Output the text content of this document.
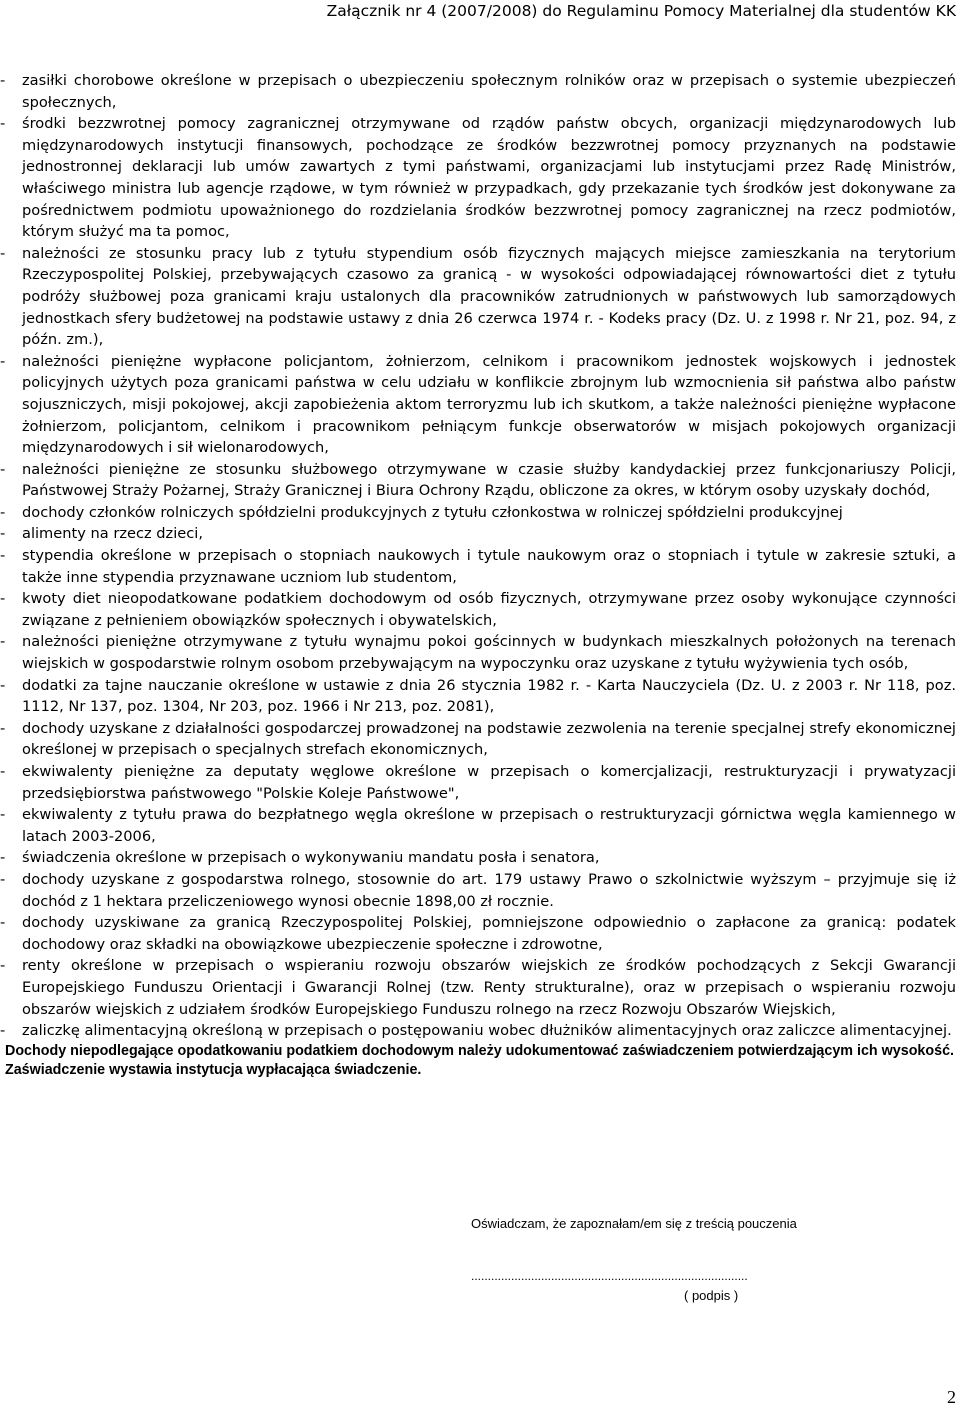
Załącznik nr 4 (2007/2008) do Regulaminu Pomocy Materialnej dla studentów KK

- zasiłki chorobowe określone w przepisach o ubezpieczeniu społecznym rolników oraz w przepisach o systemie ubezpieczeń społecznych,

- środki bezzwrotnej pomocy zagranicznej otrzymywane od rządów państw obcych, organizacji międzynarodowych lub międzynarodowych instytucji finansowych, pochodzące ze środków bezzwrotnej pomocy przyznanych na podstawie jednostronnej deklaracji lub umów zawartych z tymi państwami, organizacjami lub instytucjami przez Radę Ministrów, właściwego ministra lub agencje rządowe, w tym również w przypadkach, gdy przekazanie tych środków jest dokonywane za pośrednictwem podmiotu upoważnionego do rozdzielania środków bezzwrotnej pomocy zagranicznej na rzecz podmiotów, którym służyć ma ta pomoc,

- należności ze stosunku pracy lub z tytułu stypendium osób fizycznych mających miejsce zamieszkania na terytorium Rzeczypospolitej Polskiej, przebywających czasowo za granicą - w wysokości odpowiadającej równowartości diet z tytułu podróży służbowej poza granicami kraju ustalonych dla pracowników zatrudnionych w państwowych lub samorządowych jednostkach sfery budżetowej na podstawie ustawy z dnia 26 czerwca 1974 r. - Kodeks pracy (Dz. U. z 1998 r. Nr 21, poz. 94, z późn. zm.),

- należności pieniężne wypłacone policjantom, żołnierzom, celnikom i pracownikom jednostek wojskowych i jednostek policyjnych użytych poza granicami państwa w celu udziału w konflikcie zbrojnym lub wzmocnienia sił państwa albo państw sojuszniczych, misji pokojowej, akcji zapobieżenia aktom terroryzmu lub ich skutkom, a także należności pieniężne wypłacone żołnierzom, policjantom, celnikom i pracownikom pełniącym funkcje obserwatorów w misjach pokojowych organizacji międzynarodowych i sił wielonarodowych,

- należności pieniężne ze stosunku służbowego otrzymywane w czasie służby kandydackiej przez funkcjonariuszy Policji, Państwowej Straży Pożarnej, Straży Granicznej i Biura Ochrony Rządu, obliczone za okres, w którym osoby uzyskały dochód,

- dochody członków rolniczych spółdzielni produkcyjnych z tytułu członkostwa w rolniczej spółdzielni produkcyjnej

- alimenty na rzecz dzieci,

- stypendia określone w przepisach o stopniach naukowych i tytule naukowym oraz o stopniach i tytule w zakresie sztuki, a także inne stypendia przyznawane uczniom lub studentom,

- kwoty diet nieopodatkowane podatkiem dochodowym od osób fizycznych, otrzymywane przez osoby wykonujące czynności związane z pełnieniem obowiązków społecznych i obywatelskich,

- należności pieniężne otrzymywane z tytułu wynajmu pokoi gościnnych w budynkach mieszkalnych położonych na terenach wiejskich w gospodarstwie rolnym osobom przebywającym na wypoczynku oraz uzyskane z tytułu wyżywienia tych osób,

- dodatki za tajne nauczanie określone w ustawie z dnia 26 stycznia 1982 r. - Karta Nauczyciela (Dz. U. z 2003 r. Nr 118, poz. 1112, Nr 137, poz. 1304, Nr 203, poz. 1966 i Nr 213, poz. 2081),

- dochody uzyskane z działalności gospodarczej prowadzonej na podstawie zezwolenia na terenie specjalnej strefy ekonomicznej określonej w przepisach o specjalnych strefach ekonomicznych,

- ekwiwalenty pieniężne za deputaty węglowe określone w przepisach o komercjalizacji, restrukturyzacji i prywatyzacji przedsiębiorstwa państwowego "Polskie Koleje Państwowe",

- ekwiwalenty z tytułu prawa do bezpłatnego węgla określone w przepisach o restrukturyzacji górnictwa węgla kamiennego w latach 2003-2006,

- świadczenia określone w przepisach o wykonywaniu mandatu posła i senatora,

- dochody uzyskane z gospodarstwa rolnego, stosownie do art. 179 ustawy Prawo o szkolnictwie wyższym – przyjmuje się iż dochód z 1 hektara przeliczeniowego wynosi obecnie 1898,00 zł rocznie.

- dochody uzyskiwane za granicą Rzeczypospolitej Polskiej, pomniejszone odpowiednio o zapłacone za granicą: podatek dochodowy oraz składki na obowiązkowe ubezpieczenie społeczne i zdrowotne,

- renty określone w przepisach o wspieraniu rozwoju obszarów wiejskich ze środków pochodzących z Sekcji Gwarancji Europejskiego Funduszu Orientacji i Gwarancji Rolnej (tzw. Renty strukturalne), oraz w przepisach o wspieraniu rozwoju obszarów wiejskich z udziałem środków Europejskiego Funduszu rolnego na rzecz Rozwoju Obszarów Wiejskich,

- zaliczkę alimentacyjną określoną w przepisach o postępowaniu wobec dłużników alimentacyjnych oraz zaliczce alimentacyjnej.

Dochody niepodlegające opodatkowaniu podatkiem dochodowym należy udokumentować zaświadczeniem potwierdzającym ich wysokość. Zaświadczenie wystawia instytucja wypłacająca świadczenie.

Oświadczam, że zapoznałam/em się z treścią pouczenia
...................................................................................
( podpis )
2
